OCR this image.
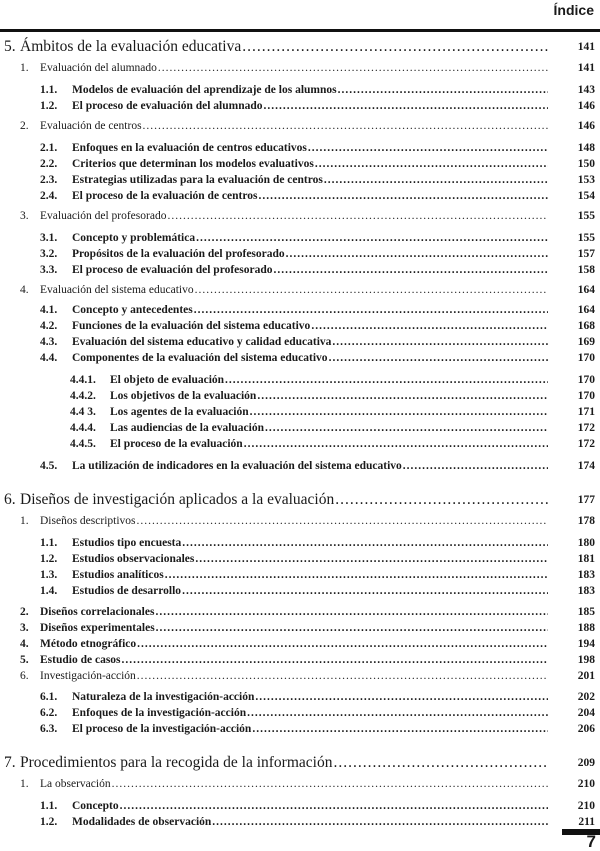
Índice
5. Ámbitos de la evaluación educativa .....	141
1. Evaluación del alumnado .....	141
1.1. Modelos de evaluación del aprendizaje de los alumnos .....	143
1.2. El proceso de evaluación del alumnado .....	146
2. Evaluación de centros .....	146
2.1. Enfoques en la evaluación de centros educativos .....	148
2.2. Criterios que determinan los modelos evaluativos .....	150
2.3. Estrategias utilizadas para la evaluación de centros .....	153
2.4. El proceso de la evaluación de centros .....	154
3. Evaluación del profesorado .....	155
3.1. Concepto y problemática .....	155
3.2. Propósitos de la evaluación del profesorado .....	157
3.3. El proceso de evaluación del profesorado .....	158
4. Evaluación del sistema educativo .....	164
4.1. Concepto y antecedentes .....	164
4.2. Funciones de la evaluación del sistema educativo .....	168
4.3. Evaluación del sistema educativo y calidad educativa .....	169
4.4. Componentes de la evaluación del sistema educativo .....	170
4.4.1. El objeto de evaluación .....	170
4.4.2. Los objetivos de la evaluación .....	170
4.4 3. Los agentes de la evaluación .....	171
4.4.4. Las audiencias de la evaluación .....	172
4.4.5. El proceso de la evaluación .....	172
4.5. La utilización de indicadores en la evaluación del sistema educativo .....	174
6. Diseños de investigación aplicados a la evaluación .....	177
1. Diseños descriptivos .....	178
1.1. Estudios tipo encuesta .....	180
1.2. Estudios observacionales .....	181
1.3. Estudios analíticos .....	183
1.4. Estudios de desarrollo .....	183
2. Diseños correlacionales .....	185
3. Diseños experimentales .....	188
4. Método etnográfico .....	194
5. Estudio de casos .....	198
6. Investigación-acción .....	201
6.1. Naturaleza de la investigación-acción .....	202
6.2. Enfoques de la investigación-acción .....	204
6.3. El proceso de la investigación-acción .....	206
7. Procedimientos para la recogida de la información .....	209
1. La observación .....	210
1.1. Concepto .....	210
1.2. Modalidades de observación .....	211
7
